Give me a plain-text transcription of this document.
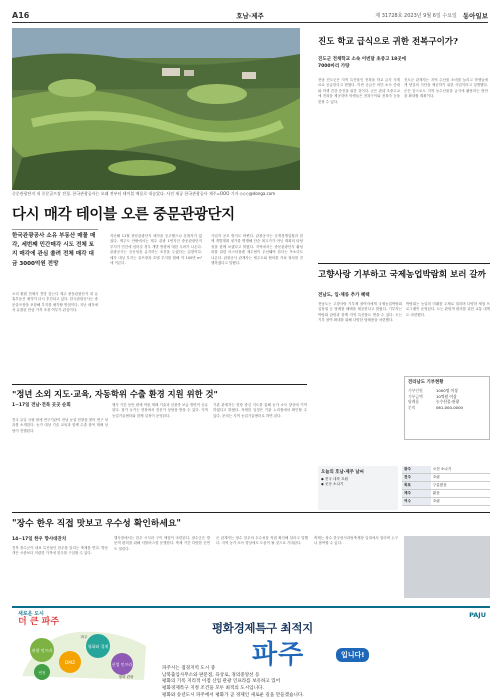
A16	호남·제주	제 31728호 2023년 9월 6일 수요일 동아일보
중문관광단지 내 중문골프장 전경. 한국관광공사는 오래 전부터 테이블 매물로 내놓았다. 사진 제공 한국관광공사 제주=OOO 기자 ◇◇◇@donga.com
다시 매각 테이블 오른 중문관광단지
한국관광공사 소유 부동산 매물 매각, 세번째 민간매각 시도 전체 토지 매각에 관심 쏠려 전체 매각 대금 3000억원 전망
오리 환원 전체가 전망 갖는다 제주 중문관광단지 내 유휴부동산 매각이 다시 추진되고 있다. 한국관광공사는 중문골프장을 포함해 부지를 매각할 방침이다. 지난 매각에서 유찰된 만큼 가격 조정 여부가 관심이다.
지난해 11월 중문관광단지 매각을 공고했으나 응찰자가 없었다. 제주도 안팎에서는 제주 관광 1번지인 중문관광단지 부지가 민간에 넘어갈 경우 개발 방향에 대한 우려가 나온다. 관광공사는 공공성을 유지하는 조건을 두겠다는 입장이다. 매각 대상 부지는 골프장과 호텔 부지를 합해 약 100만 m²에 이른다.
사업자 공모 방식도 바뀐다. 관광공사는 공개경쟁입찰과 함께 개발계획 평가를 병행해 단순 최고가가 아닌 계획의 타당성을 함께 보겠다고 밝혔다. 지역에서는 중문관광단지 활성화를 위한 마스터플랜 재수립이 우선돼야 한다는 목소리도 나온다. 관광공사 관계자는 제주도와 협의를 거쳐 절차를 진행하겠다고 말했다.
"정년 소외 지도·교육, 자동학위 수출 환경 지원 위한 것"
1∼17일 전남·전북 곳곳 순회
전국 유일 국립 원예 연구기관이 전남 농업 현장을 찾아 연구 성과를 소개한다. 농가 대상 기술 교육과 함께 수출 품목 재배 상담이 진행된다.
행사 기간 동안 원예 작물 재배 기술과 신품종 보급 방안이 공유된다. 참가 농가는 현장에서 전문가 상담을 받을 수 있다. 지역 농업기술센터와 함께 일정이 운영된다.
기관 관계자는 현장 중심 지도를 통해 농가 소득 향상에 기여하겠다고 밝혔다. 자세한 일정은 기관 누리집에서 확인할 수 있다. 문의는 지역 농업기술센터로 하면 된다.
진도 학교 급식으로 귀한 전복구이가?
진도군 전체학교 소속 이번달 초중고 18곳에 7000마리 가량
전남 진도군은 지역 특산물인 전복을 학교 급식 식재료로 공급한다고 밝혔다. 이번 공급은 어민 소득 증대와 학생 건강 증진을 위한 것이다. 군은 관내 초중고교에 전복을 제공하며 학생들은 전복구이와 전복죽 등을 맛볼 수 있다.
진도군 관계자는 지역 수산물 소비를 늘리고 학생들에게 양질의 식단을 제공하기 위한 사업이라고 설명했다. 군은 앞으로도 지역 농수산물을 급식에 활용하는 방안을 확대할 계획이다.
고향사랑 기부하고 국제농업박람회 보러 갈까
전남도, 입·체류 추가 혜택
전남도는 고향사랑 기부제 참여자에게 국제농업박람회 입장권 등 답례품 혜택을 제공한다고 밝혔다. 기부자는 박람회 관람과 함께 지역 특산품도 받을 수 있다. 도는 기부 참여 확대를 위해 다양한 답례품을 마련했다.
박람회는 농업의 미래를 주제로 열리며 다양한 체험 프로그램이 운영된다. 도는 관람객 편의를 위한 교통 대책도 마련했다.
전라남도 기부현황
기부인원	1000명 이상
기부금액	10억원 이상
답례품	농수산물·관광
문의	061-000-0000
오늘의 호남·제주 날씨
◆ 전국 내륙 흐림
◆ 곳곳 소나기
광주	오전 소나기
전주	흐림
목포	구름많음
제주	맑음
여수	흐림
"장수 한우 직접 맛보고 우수성 확인하세요"
14∼17일 한우 향사대잔치
전북 장수군이 대표 특산물인 한우를 알리는 축제를 연다. 방문객은 시중보다 저렴한 가격에 한우를 구입할 수 있다.
행사장에서는 한우 시식과 구이 체험이 마련된다. 장수군은 방문객 편의를 위해 셔틀버스를 운행한다. 축제 기간 다양한 공연도 열린다.
군 관계자는 장수 한우의 우수성을 직접 확인해 달라고 말했다. 지역 농가 소득 향상에도 도움이 될 것으로 기대된다.
축제는 장수 한우랑사과랑축제장 일대에서 열리며 누구나 참여할 수 있다.
새로운 도시
더 큰 파주
PAJU
관광 인프라
DMZ
평화와 경제
산업 인프라
연천
파주
평화 관광
평화경제특구 최적지
파주	입니다!
파주시는 접경지역 도시 중
남북출입사무소와 판문점, 육상로, 경의중앙선 등
평화의 기록 지리적 이점 산업 관광 인프라를 보유하고 있어
평화경제특구 지정 조건을 모두 최적의 도시입니다.
평화와 송년도시 파주에서 평화가 곧 경제인 새로운 길을 만들겠습니다.
